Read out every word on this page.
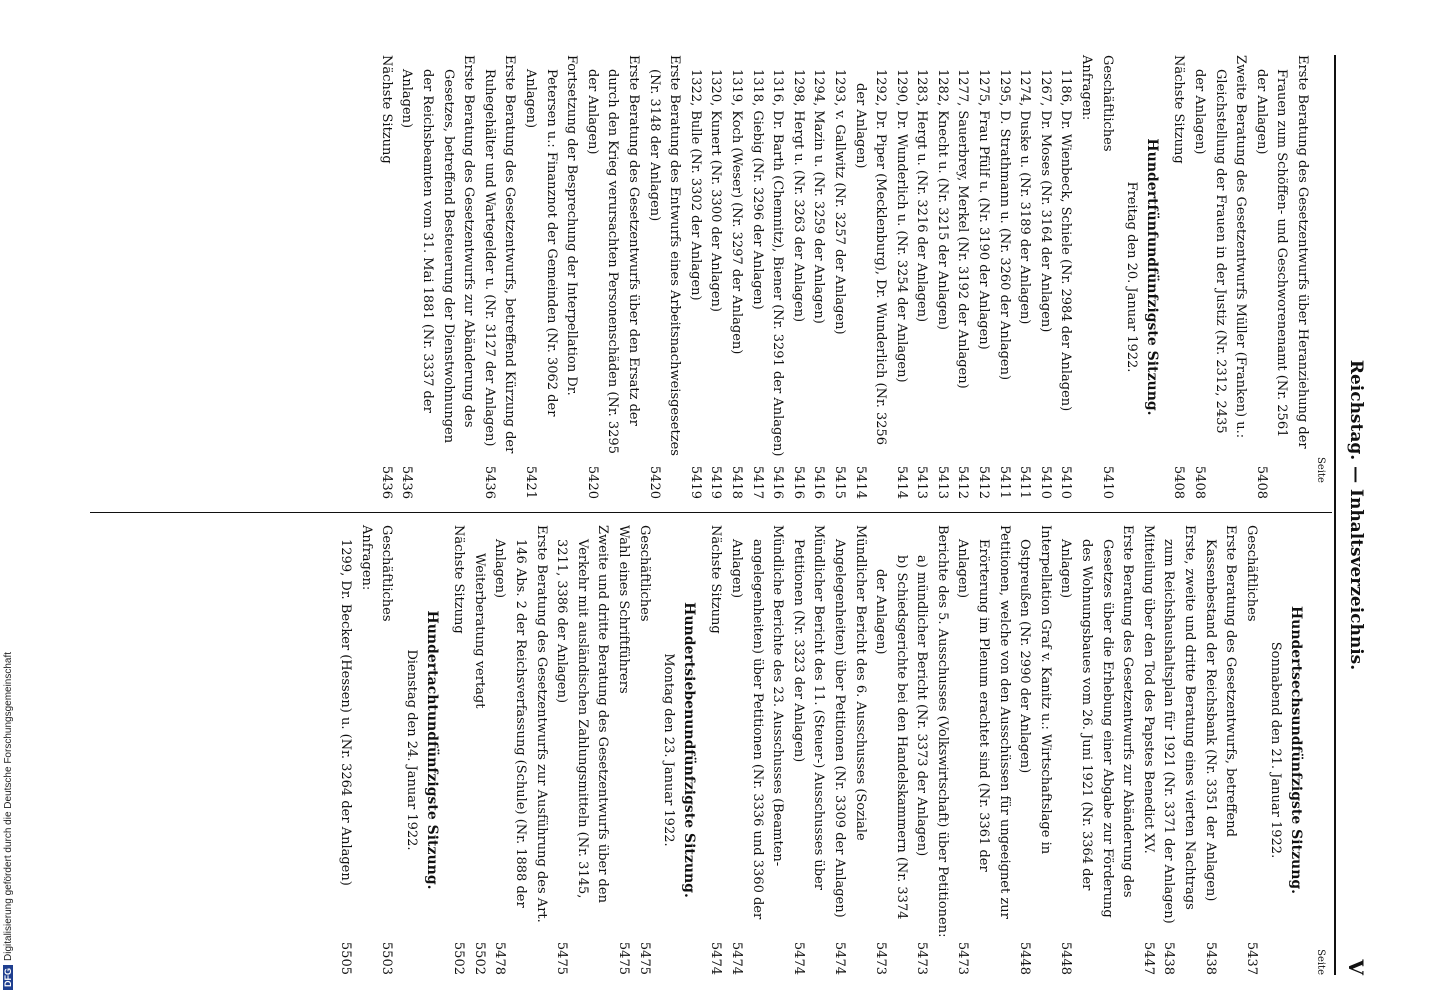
Reichstag. — Inhaltsverzeichnis.
V
Seite
Seite
Erste Beratung des Gesetzentwurfs über Heranziehung der Frauen zum Schöffen- und Geschworenenamt (Nr. 2561 der Anlagen)
5408
Zweite Beratung des Gesetzentwurfs Müller (Franken) u.: Gleichstellung der Frauen in der Justiz (Nr. 2312, 2435 der Anlagen)
5408
Nächste Sitzung
5408
Hundertfünfundfünfzigste Sitzung.
Freitag den 20. Januar 1922.
Geschäftliches
5410
Anfragen:
1186, Dr. Wienbeck, Schiele (Nr. 2984 der Anlagen)
5410
1267, Dr. Moses (Nr. 3164 der Anlagen)
5410
1274, Duske u. (Nr. 3189 der Anlagen)
5411
1295, D. Strathmann u. (Nr. 3260 der Anlagen)
5411
1275, Frau Pfülf u. (Nr. 3190 der Anlagen)
5412
1277, Sauerbrey, Merkel (Nr. 3192 der Anlagen)
5412
1282, Knecht u. (Nr. 3215 der Anlagen)
5413
1283, Hergt u. (Nr. 3216 der Anlagen)
5413
1290, Dr. Wunderlich u. (Nr. 3254 der Anlagen)
5414
1292, Dr. Piper (Mecklenburg), Dr. Wunderlich (Nr. 3256 der Anlagen)
5414
1293, v. Gallwitz (Nr. 3257 der Anlagen)
5415
1294, Mazin u. (Nr. 3259 der Anlagen)
5416
1298, Hergt u. (Nr. 3263 der Anlagen)
5416
1316, Dr. Barth (Chemnitz), Biener (Nr. 3291 der Anlagen)
5416
1318, Giebig (Nr. 3296 der Anlagen)
5417
1319, Koch (Weser) (Nr. 3297 der Anlagen)
5418
1320, Kunert (Nr. 3300 der Anlagen)
5419
1322, Bulle (Nr. 3302 der Anlagen)
5419
Erste Beratung des Entwurfs eines Arbeitsnachweisgesetzes (Nr. 3148 der Anlagen)
5420
Erste Beratung des Gesetzentwurfs über den Ersatz der durch den Krieg verursachten Personenschäden (Nr. 3295 der Anlagen)
5420
Fortsetzung der Besprechung der Interpellation Dr. Petersen u.: Finanznot der Gemeinden (Nr. 3062 der Anlagen)
5421
Erste Beratung des Gesetzentwurfs, betreffend Kürzung der Ruhegehälter und Wartegelder u. (Nr. 3127 der Anlagen)
5436
Erste Beratung des Gesetzentwurfs zur Abänderung des Gesetzes, betreffend Besteuerung der Dienstwohnungen der Reichsbeamten vom 31. Mai 1881 (Nr. 3337 der Anlagen)
5436
Nächste Sitzung
5436
Hundertsechsundfünfzigste Sitzung.
Sonnabend den 21. Januar 1922.
Geschäftliches
5437
Erste Beratung des Gesetzentwurfs, betreffend Kassenbestand der Reichsbank (Nr. 3351 der Anlagen)
5438
Erste, zweite und dritte Beratung eines vierten Nachtrags zum Reichshaushaltsplan für 1921 (Nr. 3371 der Anlagen)
5438
Mitteilung über den Tod des Papstes Benedict XV.
5447
Erste Beratung des Gesetzentwurfs zur Abänderung des Gesetzes über die Erhebung einer Abgabe zur Förderung des Wohnungsbaues vom 26. Juni 1921 (Nr. 3364 der Anlagen)
5448
Interpellation Graf v. Kanitz u.: Wirtschaftslage in Ostpreußen (Nr. 2990 der Anlagen)
5448
Petitionen, welche von den Ausschüssen für ungeeignet zur Erörterung im Plenum erachtet sind (Nr. 3361 der Anlagen)
5473
Berichte des 5. Ausschusses (Volkswirtschaft) über Petitionen:
a) mündlicher Bericht (Nr. 3373 der Anlagen)
5473
b) Schiedsgerichte bei den Handelskammern (Nr. 3374 der Anlagen)
5473
Mündlicher Bericht des 6. Ausschusses (Soziale Angelegenheiten) über Petitionen (Nr. 3309 der Anlagen)
5474
Mündlicher Bericht des 11. (Steuer-) Ausschusses über Petitionen (Nr. 3323 der Anlagen)
5474
Mündliche Berichte des 23. Ausschusses (Beamtenangelegenheiten) über Petitionen (Nr. 3336 und 3360 der Anlagen)
5474
Nächste Sitzung
5474
Hundertsiebenundfünfzigste Sitzung.
Montag den 23. Januar 1922.
Geschäftliches
5475
Wahl eines Schriftführers
5475
Zweite und dritte Beratung des Gesetzentwurfs über den Verkehr mit ausländischen Zahlungsmitteln (Nr. 3145, 3211, 3386 der Anlagen)
5475
Erste Beratung des Gesetzentwurfs zur Ausführung des Art. 146 Abs. 2 der Reichsverfassung (Schule) (Nr. 1888 der Anlagen)
5478
Weiterberatung vertagt
5502
Nächste Sitzung
5502
Hundertachtundfünfzigste Sitzung.
Dienstag den 24. Januar 1922.
Geschäftliches
5503
Anfragen:
1299, Dr. Becker (Hessen) u. (Nr. 3264 der Anlagen)
5505
DFG
Digitalisierung gefördert durch die Deutsche Forschungsgemeinschaft
